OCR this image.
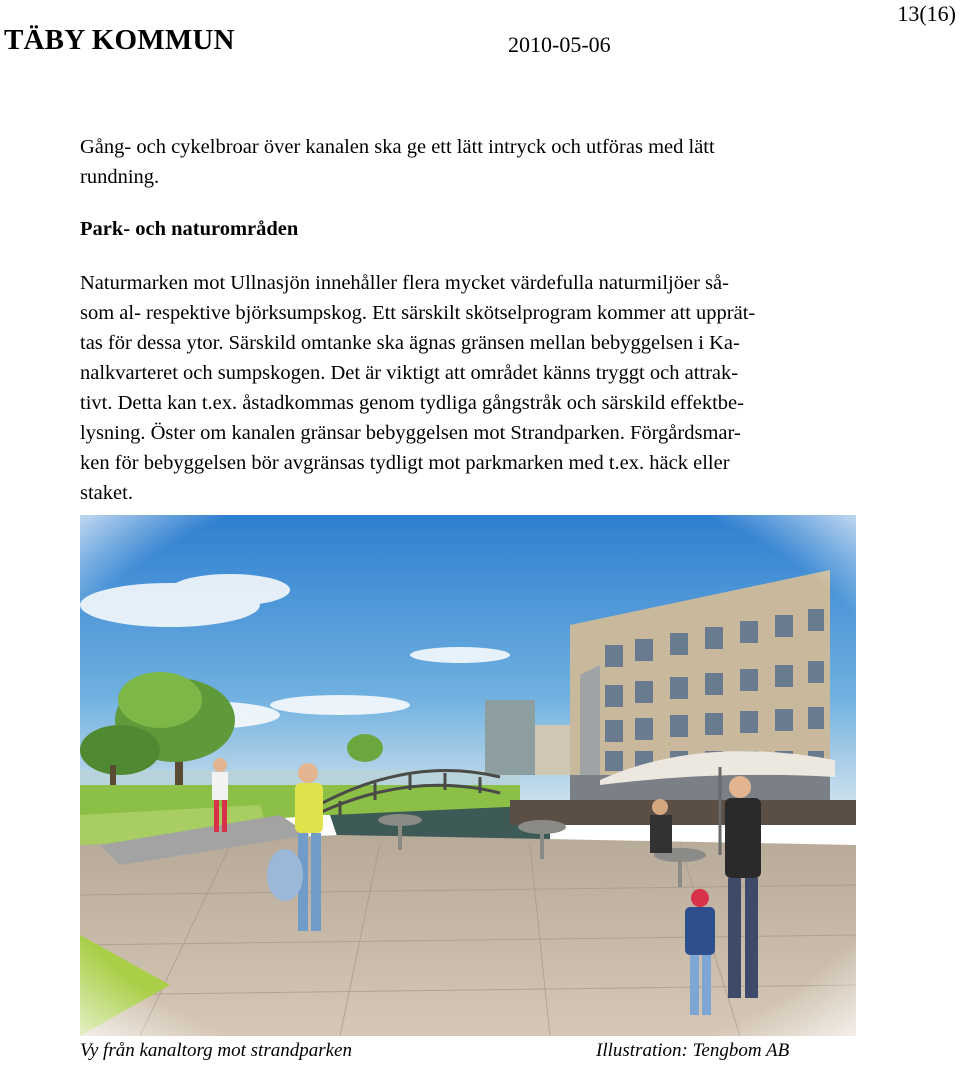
TÄBY KOMMUN	2010-05-06
13(16)

Gång- och cykelbroar över kanalen ska ge ett lätt intryck och utföras med lätt
rundning.

Park- och naturområden

Naturmarken mot Ullnasjön innehåller flera mycket värdefulla naturmiljöer så-
som al- respektive björksumpskog. Ett särskilt skötselprogram kommer att upprät-
tas för dessa ytor. Särskild omtanke ska ägnas gränsen mellan bebyggelsen i Ka-
nalkvarteret och sumpskogen. Det är viktigt att området känns tryggt och attrak-
tivt. Detta kan t.ex. åstadkommas genom tydliga gångstråk och särskild effektbe-
lysning. Öster om kanalen gränsar bebyggelsen mot Strandparken. Förgårdsmar-
ken för bebyggelsen bör avgränsas tydligt mot parkmarken med t.ex. häck eller
staket.

Vy från kanaltorg mot strandparken	Illustration: Tengbom AB
